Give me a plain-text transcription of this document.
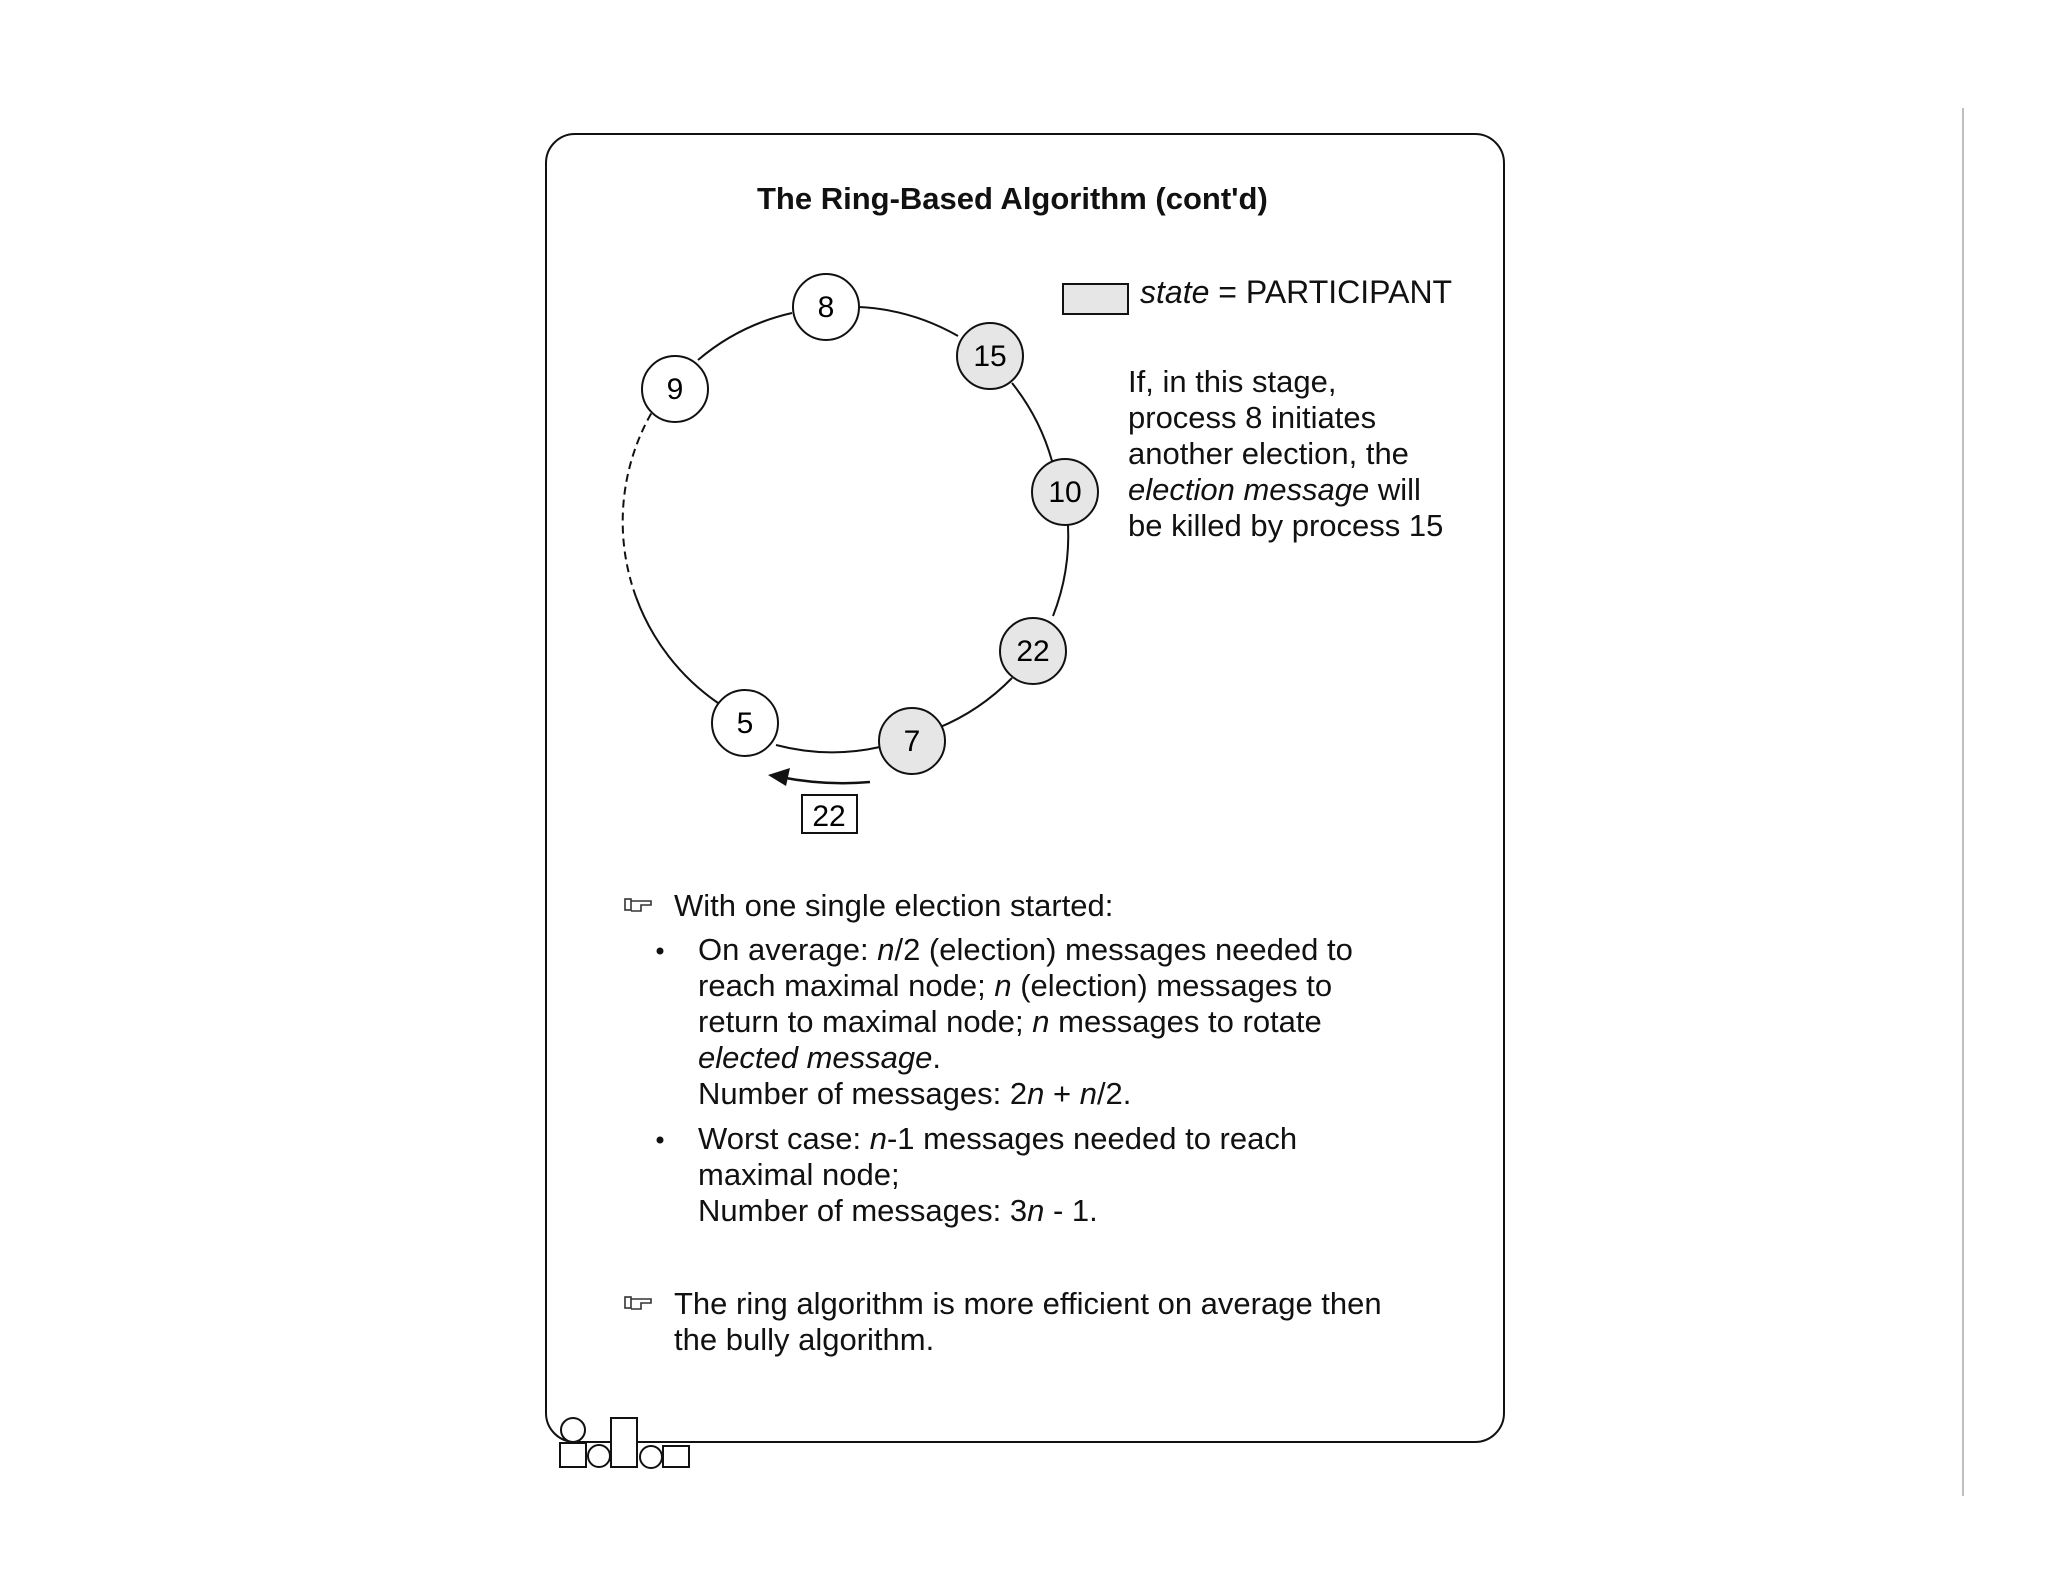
22
8
15
10
22
7
5
9
The Ring-Based Algorithm (cont'd)
state = PARTICIPANT
If, in this stage,
process 8 initiates
another election, the
election message will
be killed by process 15
With one single election started:
On average: n/2 (election) messages needed to
reach maximal node; n (election) messages to
return to maximal node; n messages to rotate
elected message.
Number of messages: 2n + n/2.
Worst case: n-1 messages needed to reach
maximal node;
Number of messages: 3n - 1.
The ring algorithm is more efficient on average then
the bully algorithm.
